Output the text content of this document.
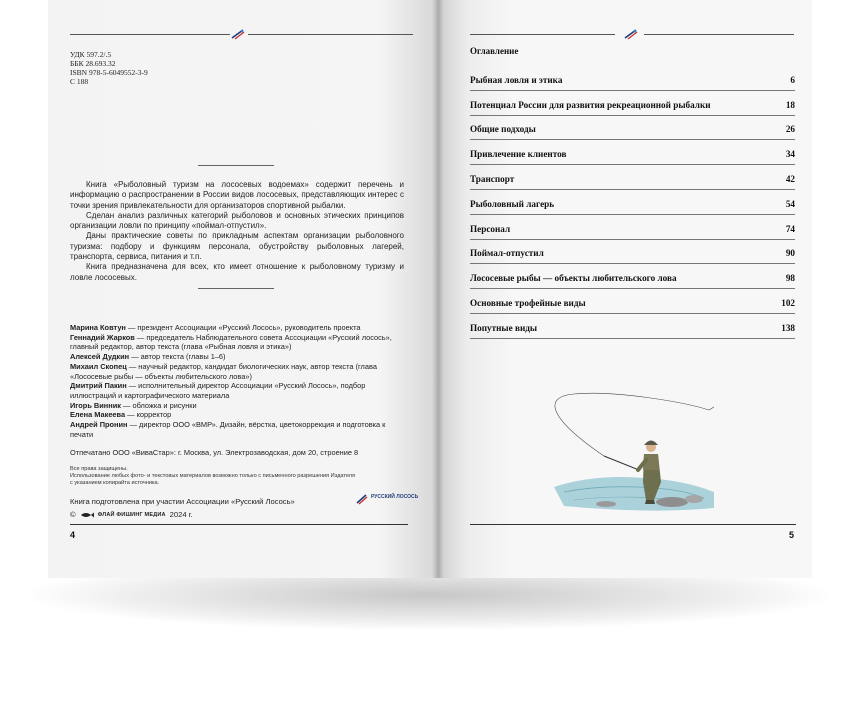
УДК 597.2/.5
ББК 28.693.32
ISBN 978-5-6049552-3-9
С 188

Книга «Рыболовный туризм на лососевых водоемах» содержит перечень и информацию о распространении в России видов лососевых, представляющих интерес с точки зрения привлекательности для организаторов спортивной рыбалки.

Сделан анализ различных категорий рыболовов и основных этических принципов организации ловли по принципу «поймал-отпустил».

Даны практические советы по прикладным аспектам организации рыболовного туризма: подбору и функциям персонала, обустройству рыболовных лагерей, транспорта, сервиса, питания и т.п.

Книга предназначена для всех, кто имеет отношение к рыболовному туризму и ловле лососевых.

Марина Ковтун — президент Ассоциации «Русский Лосось», руководитель проекта
Геннадий Жарков — председатель Наблюдательного совета Ассоциации «Русский лосось», главный редактор, автор текста (глава «Рыбная ловля и этика»)
Алексей Дудкин — автор текста (главы 1–6)
Михаил Скопец — научный редактор, кандидат биологических наук, автор текста (глава «Лососевые рыбы — объекты любительского лова»)
Дмитрий Пакин — исполнительный директор Ассоциации «Русский Лосось», подбор иллюстраций и картографического материала
Игорь Винник — обложка и рисунки
Елена Макеева — корректор
Андрей Пронин — директор ООО «ВМР». Дизайн, вёрстка, цветокоррекция и подготовка к печати
Отпечатано ООО «ВиваСтар»: г. Москва, ул. Электрозаводская, дом 20, строение 8
Все права защищены.
Использование любых фото- и текстовых материалов возможно только с письменного разрешения Издателя
с указанием копирайта источника.
Книга подготовлена при участии Ассоциации «Русский Лосось»	РУССКИЙ ЛОСОСЬ

©	ФЛАЙ ФИШИНГ МЕДИА 2024 г.
4
Оглавление
Рыбная ловля и этика	6
Потенциал России для развития рекреационной рыбалки	18
Общие подходы	26
Привлечение клиентов	34
Транспорт	42
Рыболовный лагерь	54
Персонал	74
Поймал-отпустил	90
Лососевые рыбы — объекты любительского лова	98
Основные трофейные виды	102
Попутные виды	138
5
